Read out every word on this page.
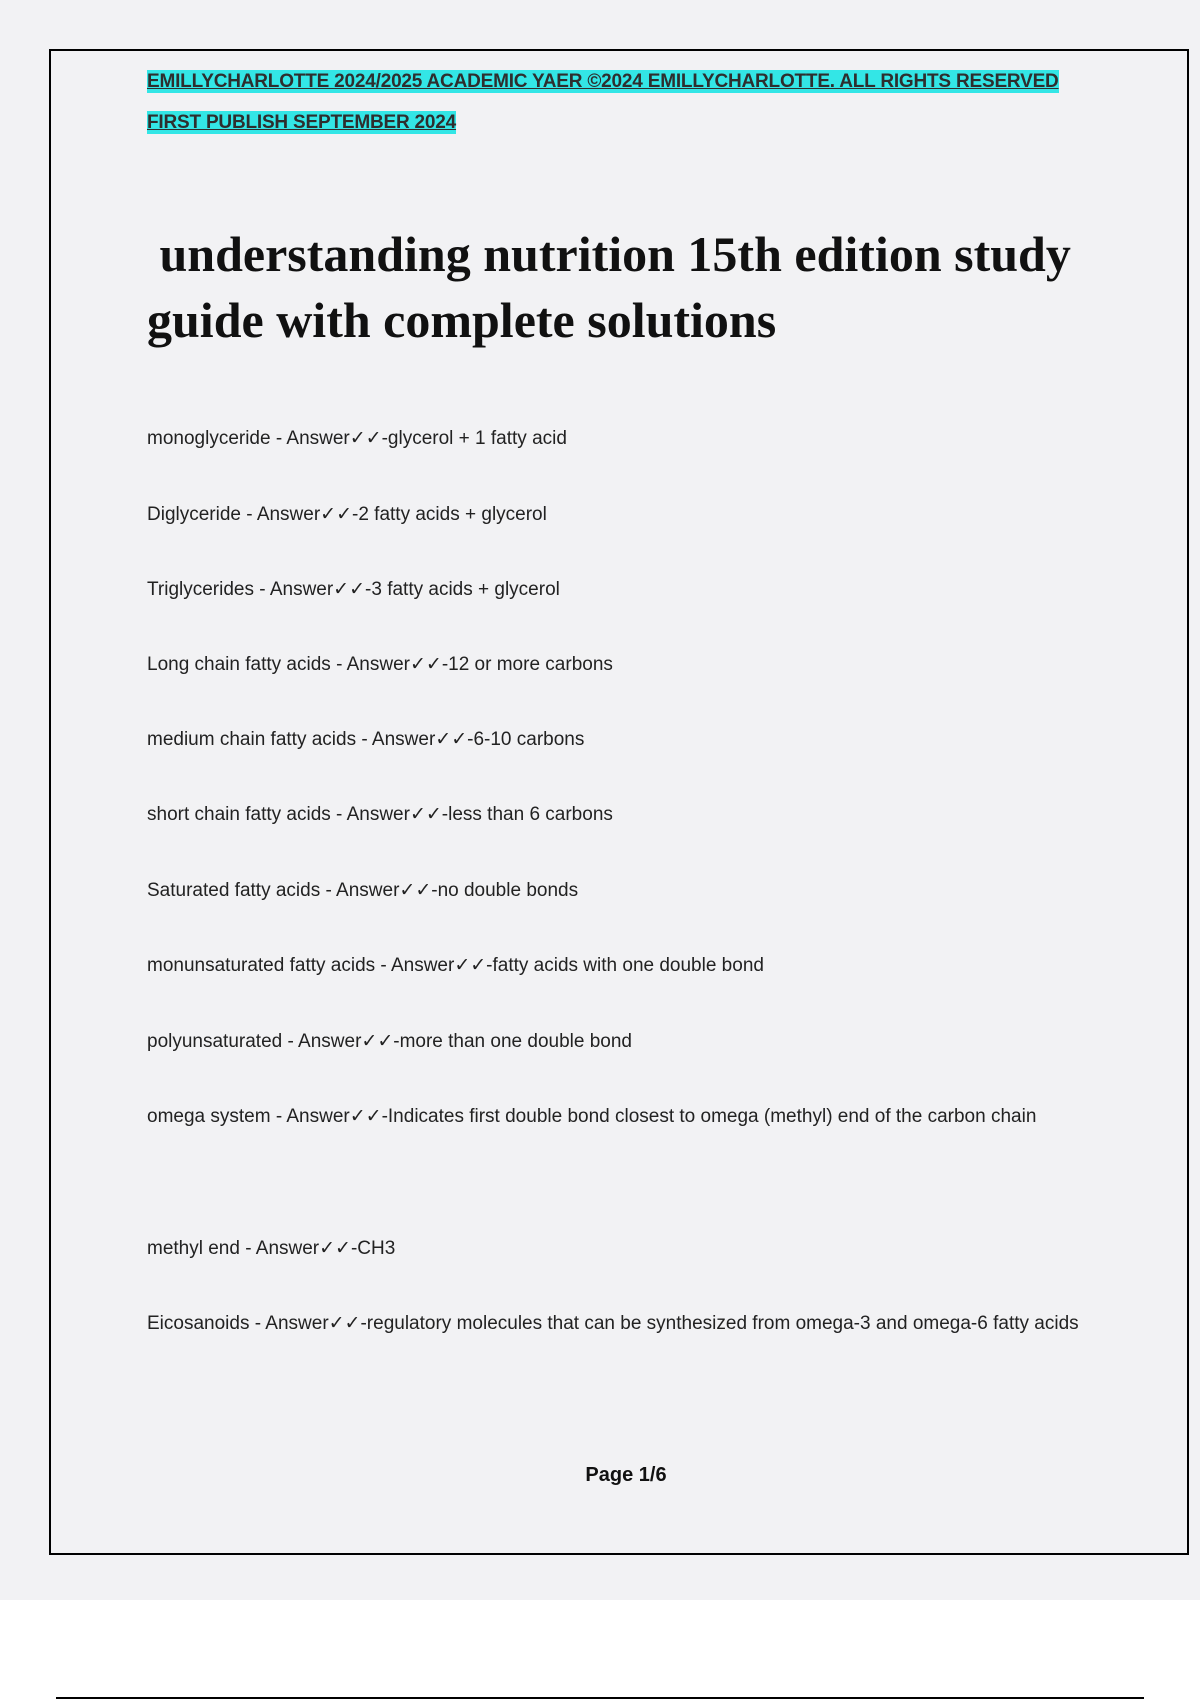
EMILLYCHARLOTTE 2024/2025 ACADEMIC YAER ©2024 EMILLYCHARLOTTE. ALL RIGHTS RESERVED
FIRST PUBLISH SEPTEMBER 2024
understanding nutrition 15th edition study guide with complete solutions
monoglyceride - Answer✓✓-glycerol + 1 fatty acid
Diglyceride - Answer✓✓-2 fatty acids + glycerol
Triglycerides - Answer✓✓-3 fatty acids + glycerol
Long chain fatty acids - Answer✓✓-12 or more carbons
medium chain fatty acids - Answer✓✓-6-10 carbons
short chain fatty acids - Answer✓✓-less than 6 carbons
Saturated fatty acids - Answer✓✓-no double bonds
monunsaturated fatty acids - Answer✓✓-fatty acids with one double bond
polyunsaturated - Answer✓✓-more than one double bond
omega system - Answer✓✓-Indicates first double bond closest to omega (methyl) end of the carbon chain
methyl end - Answer✓✓-CH3
Eicosanoids - Answer✓✓-regulatory molecules that can be synthesized from omega-3 and omega-6 fatty acids
Page 1/6
